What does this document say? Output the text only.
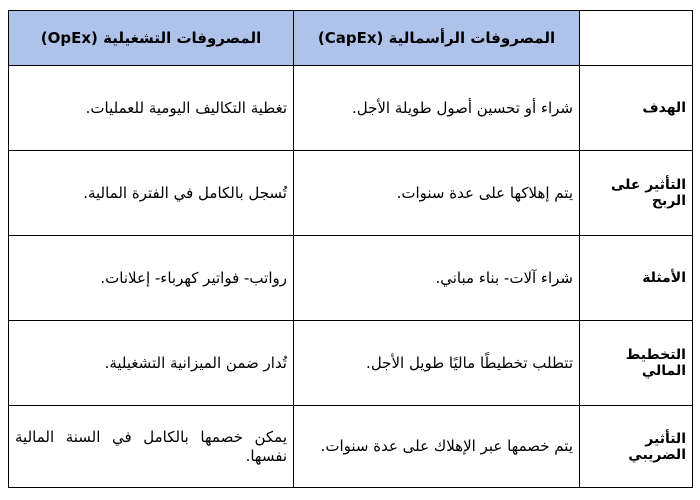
	المصروفات الرأسمالية (CapEx)	المصروفات التشغيلية (OpEx)
الهدف	شراء أو تحسين أصول طويلة الأجل.	تغطية التكاليف اليومية للعمليات.
التأثير على الربح	يتم إهلاكها على عدة سنوات.	تُسجل بالكامل في الفترة المالية.
الأمثلة	شراء آلات- بناء مباني.	رواتب- فواتير كهرباء- إعلانات.
التخطيط المالي	تتطلب تخطيطًا ماليًا طويل الأجل.	تُدار ضمن الميزانية التشغيلية.
التأثير الضريبي	يتم خصمها عبر الإهلاك على عدة سنوات.	يمكن خصمها بالكامل في السنة المالية نفسها.
